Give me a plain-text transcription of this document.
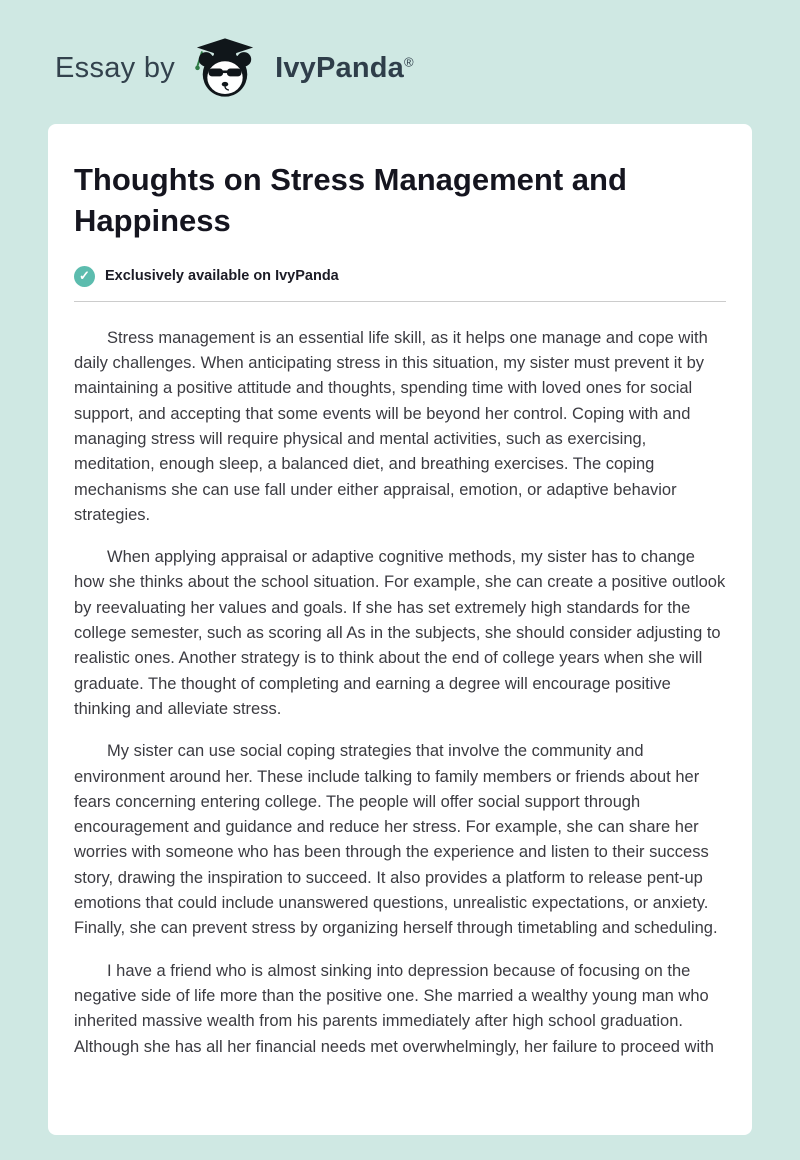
Essay by	IvyPanda®
Thoughts on Stress Management and Happiness
✓	Exclusively available on IvyPanda

Stress management is an essential life skill, as it helps one manage and cope with daily challenges. When anticipating stress in this situation, my sister must prevent it by maintaining a positive attitude and thoughts, spending time with loved ones for social support, and accepting that some events will be beyond her control. Coping with and managing stress will require physical and mental activities, such as exercising, meditation, enough sleep, a balanced diet, and breathing exercises. The coping mechanisms she can use fall under either appraisal, emotion, or adaptive behavior strategies.

When applying appraisal or adaptive cognitive methods, my sister has to change how she thinks about the school situation. For example, she can create a positive outlook by reevaluating her values and goals. If she has set extremely high standards for the college semester, such as scoring all As in the subjects, she should consider adjusting to realistic ones. Another strategy is to think about the end of college years when she will graduate. The thought of completing and earning a degree will encourage positive thinking and alleviate stress.

My sister can use social coping strategies that involve the community and environment around her. These include talking to family members or friends about her fears concerning entering college. The people will offer social support through encouragement and guidance and reduce her stress. For example, she can share her worries with someone who has been through the experience and listen to their success story, drawing the inspiration to succeed. It also provides a platform to release pent-up emotions that could include unanswered questions, unrealistic expectations, or anxiety. Finally, she can prevent stress by organizing herself through timetabling and scheduling.

I have a friend who is almost sinking into depression because of focusing on the negative side of life more than the positive one. She married a wealthy young man who inherited massive wealth from his parents immediately after high school graduation. Although she has all her financial needs met overwhelmingly, her failure to proceed with
